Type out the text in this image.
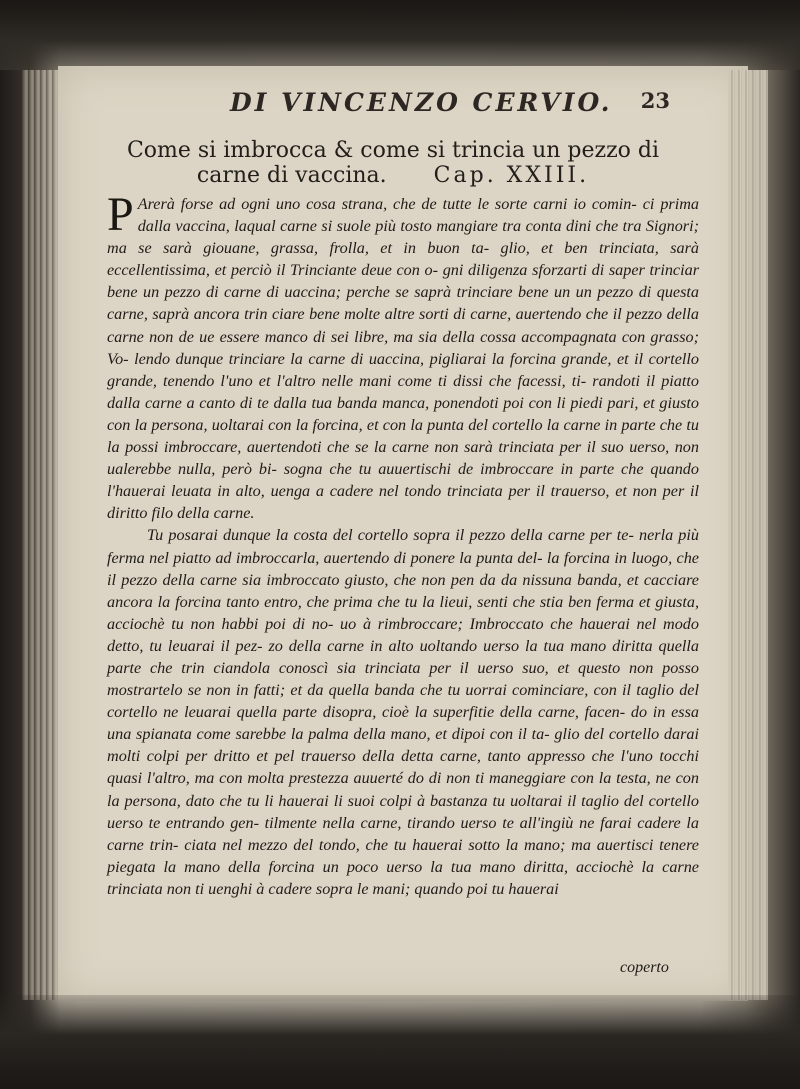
DI VINCENZO CERVIO. 23
Come si imbrocca & come si trincia un pezzo di carne di vaccina. Cap. XXIII.

P Arerà forse ad ogni uno cosa strana, che de tutte le sorte carni io comin- ci prima dalla vaccina, laqual carne si suole più tosto mangiare tra conta dini che tra Signori; ma se sarà giouane, grassa, frolla, et in buon ta- glio, et ben trinciata, sarà eccellentissima, et perciò il Trinciante deue con o- gni diligenza sforzarti di saper trinciar bene un pezzo di carne di uaccina; perche se saprà trinciare bene un un pezzo di questa carne, saprà ancora trin ciare bene molte altre sorti di carne, auertendo che il pezzo della carne non de ue essere manco di sei libre, ma sia della cossa accompagnata con grasso; Vo- lendo dunque trinciare la carne di uaccina, pigliarai la forcina grande, et il cortello grande, tenendo l'uno et l'altro nelle mani come ti dissi che facessi, ti- randoti il piatto dalla carne a canto di te dalla tua banda manca, ponendoti poi con li piedi pari, et giusto con la persona, uoltarai con la forcina, et con la punta del cortello la carne in parte che tu la possi imbroccare, auertendoti che se la carne non sarà trinciata per il suo uerso, non ualerebbe nulla, però bi- sogna che tu auuertischi de imbroccare in parte che quando l'hauerai leuata in alto, uenga a cadere nel tondo trinciata per il trauerso, et non per il diritto filo della carne.

Tu posarai dunque la costa del cortello sopra il pezzo della carne per te- nerla più ferma nel piatto ad imbroccarla, auertendo di ponere la punta del- la forcina in luogo, che il pezzo della carne sia imbroccato giusto, che non pen da da nissuna banda, et cacciare ancora la forcina tanto entro, che prima che tu la lieui, senti che stia ben ferma et giusta, acciochè tu non habbi poi di no- uo à rimbroccare; Imbroccato che hauerai nel modo detto, tu leuarai il pez- zo della carne in alto uoltando uerso la tua mano diritta quella parte che trin ciandola conoscì sia trinciata per il uerso suo, et questo non posso mostrartelo se non in fatti; et da quella banda che tu uorrai cominciare, con il taglio del cortello ne leuarai quella parte disopra, cioè la superfitie della carne, facen- do in essa una spianata come sarebbe la palma della mano, et dipoi con il ta- glio del cortello darai molti colpi per dritto et pel trauerso della detta carne, tanto appresso che l'uno tocchi quasi l'altro, ma con molta prestezza auuerté do di non ti maneggiare con la testa, ne con la persona, dato che tu li hauerai li suoi colpi à bastanza tu uoltarai il taglio del cortello uerso te entrando gen- tilmente nella carne, tirando uerso te all'ingiù ne farai cadere la carne trin- ciata nel mezzo del tondo, che tu hauerai sotto la mano; ma auertisci tenere piegata la mano della forcina un poco uerso la tua mano diritta, acciochè la carne trinciata non ti uenghi à cadere sopra le mani; quando poi tu hauerai

coperto
